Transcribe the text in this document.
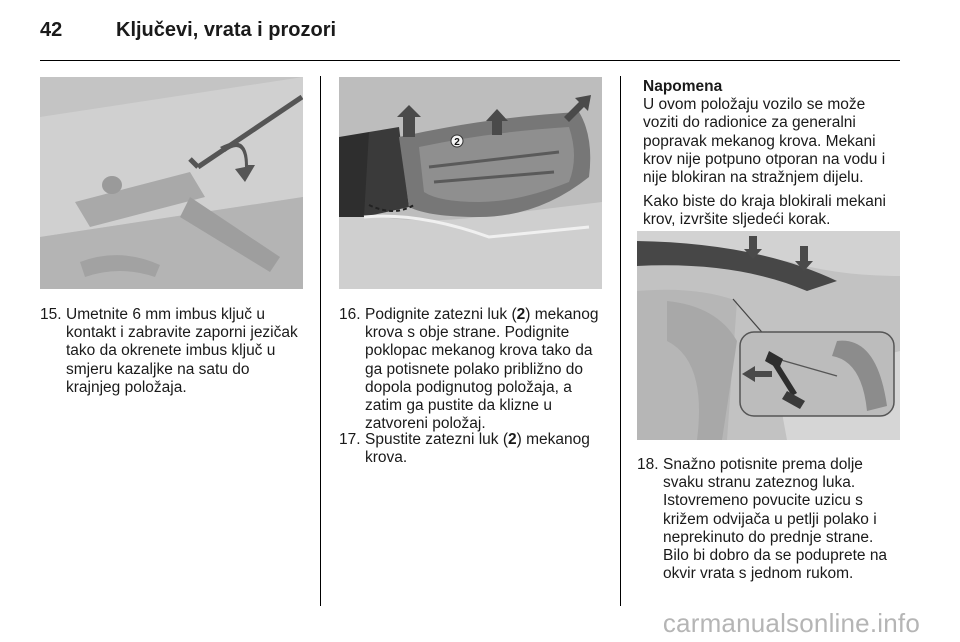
42	Ključevi, vrata i prozori
15. Umetnite 6 mm imbus ključ u kontakt i zabravite zaporni jezičak tako da okrenete imbus ključ u smjeru kazaljke na satu do krajnjeg položaja.
2
16. Podignite zatezni luk (2) mekanog krova s obje strane. Podignite poklopac mekanog krova tako da ga potisnete polako približno do dopola podignutog položaja, a zatim ga pustite da klizne u zatvoreni položaj.
17. Spustite zatezni luk (2) mekanog krova.
Napomena

U ovom položaju vozilo se može voziti do radionice za generalni popravak mekanog krova. Mekani krov nije potpuno otporan na vodu i nije blokiran na stražnjem dijelu.

Kako biste do kraja blokirali mekani krov, izvršite sljedeći korak.

18. Snažno potisnite prema dolje svaku stranu zateznog luka. Istovremeno povucite uzicu s križem odvijača u petlji polako i neprekinuto do prednje strane. Bilo bi dobro da se poduprete na okvir vrata s jednom rukom.
carmanualsonline.info
